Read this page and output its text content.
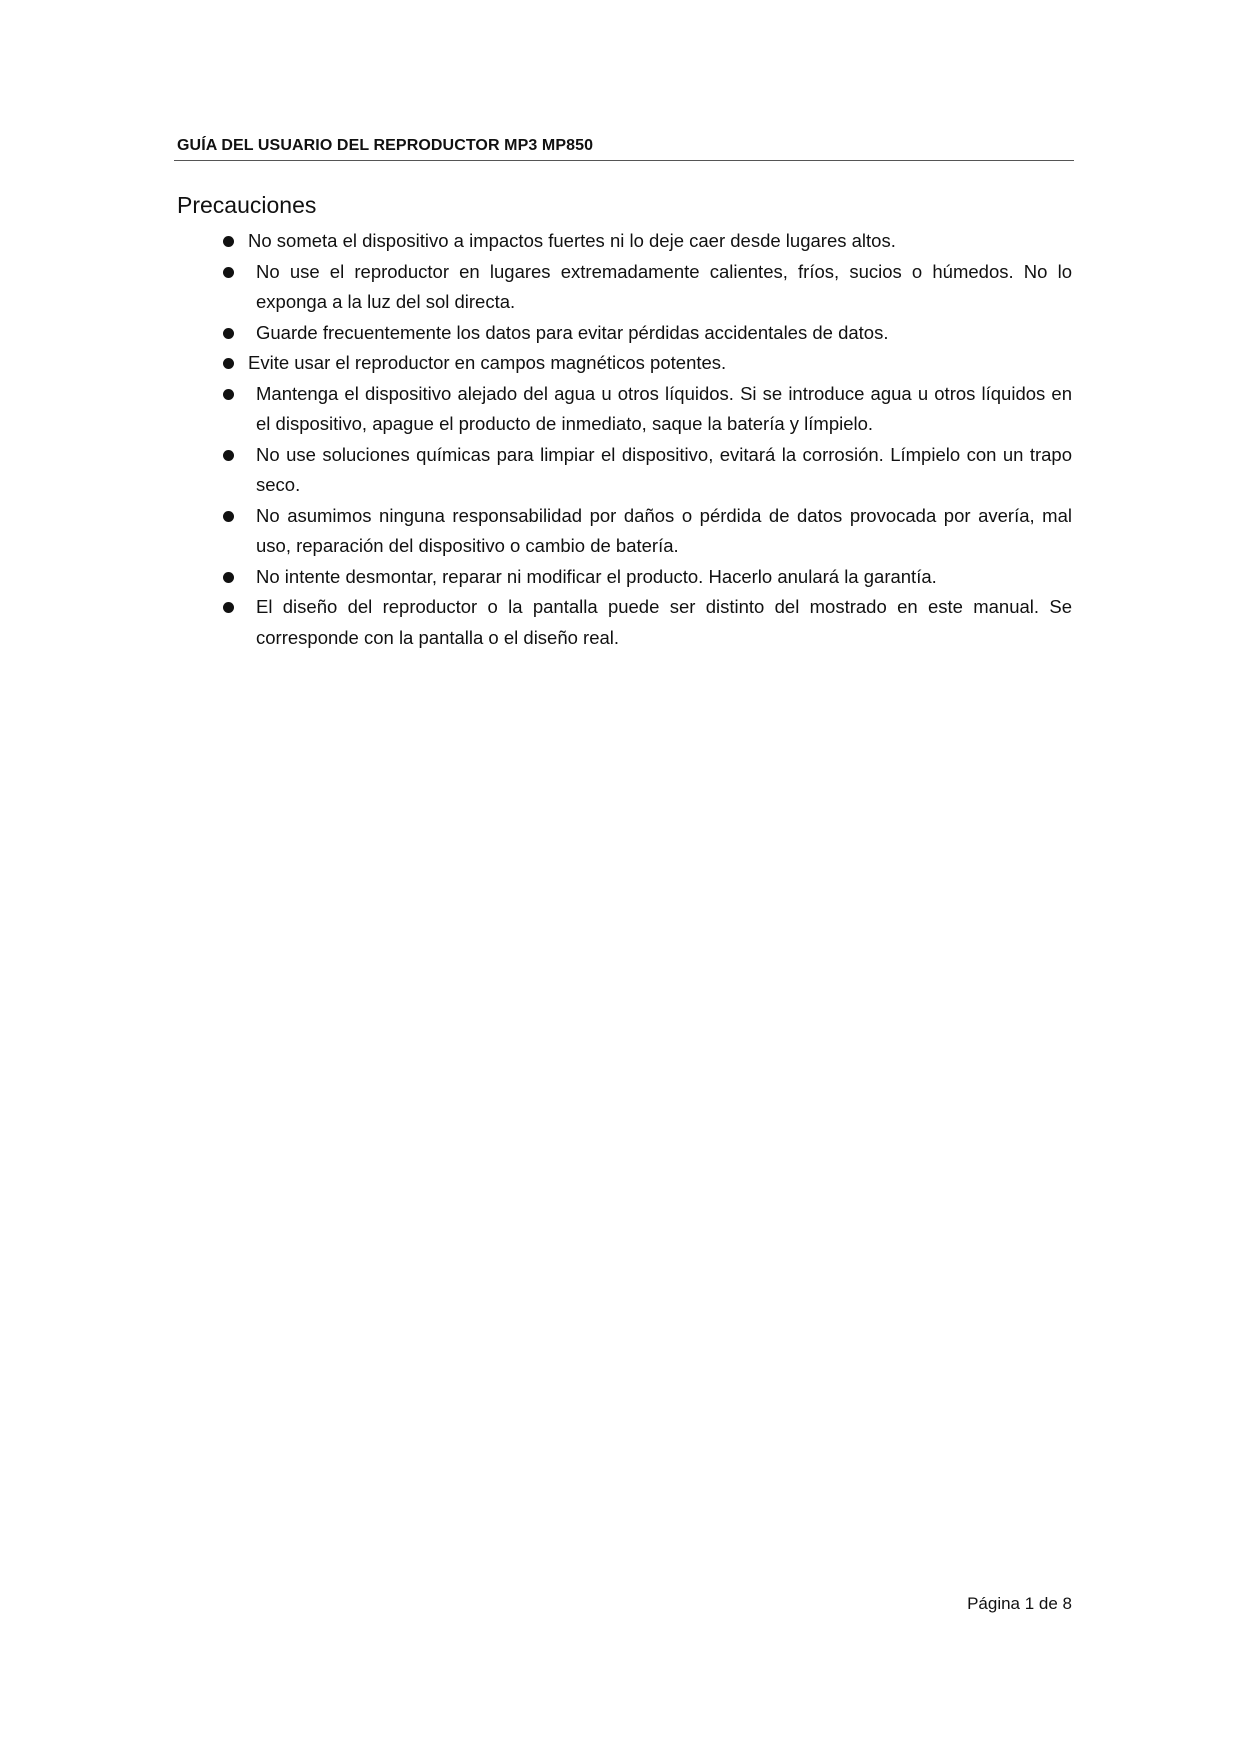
GUÍA DEL USUARIO DEL REPRODUCTOR MP3 MP850
Precauciones
No someta el dispositivo a impactos fuertes ni lo deje caer desde lugares altos.
No use el reproductor en lugares extremadamente calientes, fríos, sucios o húmedos. No lo exponga a la luz del sol directa.
Guarde frecuentemente los datos para evitar pérdidas accidentales de datos.
Evite usar el reproductor en campos magnéticos potentes.
Mantenga el dispositivo alejado del agua u otros líquidos. Si se introduce agua u otros líquidos en el dispositivo, apague el producto de inmediato, saque la batería y límpielo.
No use soluciones químicas para limpiar el dispositivo, evitará la corrosión. Límpielo con un trapo seco.
No asumimos ninguna responsabilidad por daños o pérdida de datos provocada por avería, mal uso, reparación del dispositivo o cambio de batería.
No intente desmontar, reparar ni modificar el producto. Hacerlo anulará la garantía.
El diseño del reproductor o la pantalla puede ser distinto del mostrado en este manual. Se corresponde con la pantalla o el diseño real.
Página 1 de 8
